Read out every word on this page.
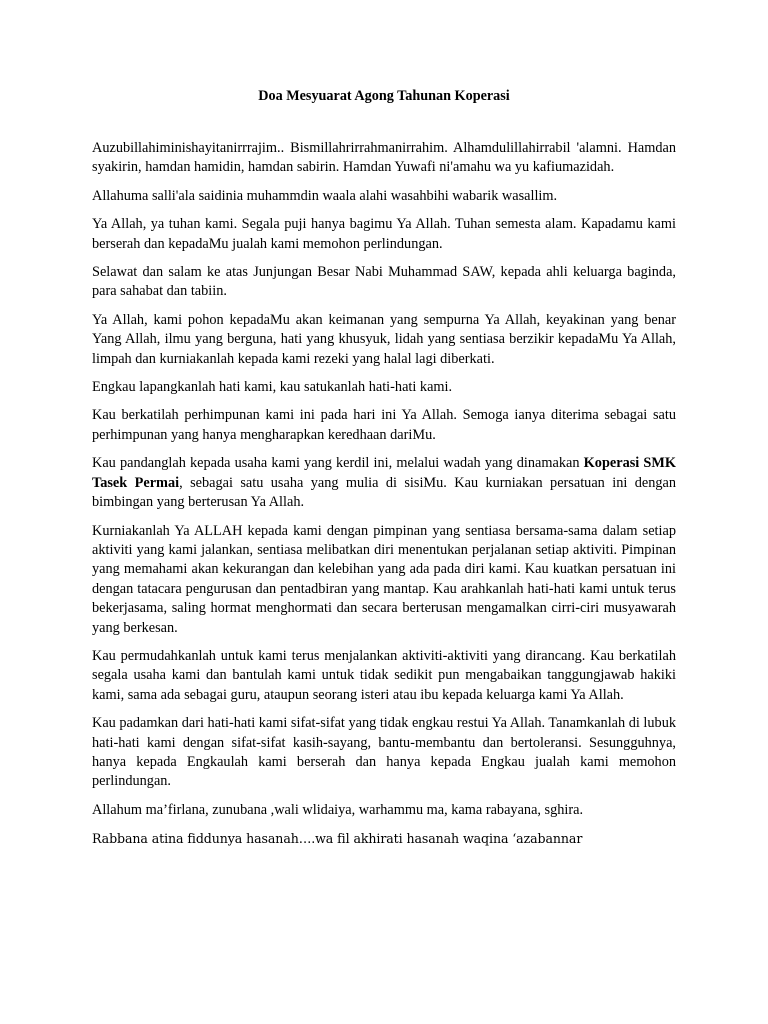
Doa Mesyuarat Agong Tahunan Koperasi

Auzubillahiminishayitanirrrajim.. Bismillahrirrahmanirrahim. Alhamdulillahirrabil 'alamni. Hamdan syakirin, hamdan hamidin, hamdan sabirin. Hamdan Yuwafi ni'amahu wa yu kafiumazidah.

Allahuma salli'ala saidinia muhammdin waala alahi wasahbihi wabarik wasallim.

Ya Allah, ya tuhan kami. Segala puji hanya bagimu Ya Allah. Tuhan semesta alam. Kapadamu kami berserah dan kepadaMu jualah kami memohon perlindungan.

Selawat dan salam ke atas Junjungan Besar Nabi Muhammad SAW, kepada ahli keluarga baginda, para sahabat dan tabiin.

Ya Allah, kami pohon kepadaMu akan keimanan yang sempurna Ya Allah, keyakinan yang benar Yang Allah, ilmu yang berguna, hati yang khusyuk, lidah yang sentiasa berzikir kepadaMu Ya Allah, limpah dan kurniakanlah kepada kami rezeki yang halal lagi diberkati.

Engkau lapangkanlah hati kami, kau satukanlah hati-hati kami.

Kau berkatilah perhimpunan kami ini pada hari ini Ya Allah. Semoga ianya diterima sebagai satu perhimpunan yang hanya mengharapkan keredhaan dariMu.

Kau pandanglah kepada usaha kami yang kerdil ini, melalui wadah yang dinamakan Koperasi SMK Tasek Permai, sebagai satu usaha yang mulia di sisiMu. Kau kurniakan persatuan ini dengan bimbingan yang berterusan Ya Allah.

Kurniakanlah Ya ALLAH kepada kami dengan pimpinan yang sentiasa bersama-sama dalam setiap aktiviti yang kami jalankan, sentiasa melibatkan diri menentukan perjalanan setiap aktiviti. Pimpinan yang memahami akan kekurangan dan kelebihan yang ada pada diri kami. Kau kuatkan persatuan ini dengan tatacara pengurusan dan pentadbiran yang mantap. Kau arahkanlah hati-hati kami untuk terus bekerjasama, saling hormat menghormati dan secara berterusan mengamalkan cirri-ciri musyawarah yang berkesan.

Kau permudahkanlah untuk kami terus menjalankan aktiviti-aktiviti yang dirancang. Kau berkatilah segala usaha kami dan bantulah kami untuk tidak sedikit pun mengabaikan tanggungjawab hakiki kami, sama ada sebagai guru, ataupun seorang isteri atau ibu kepada keluarga kami Ya Allah.

Kau padamkan dari hati-hati kami sifat-sifat yang tidak engkau restui Ya Allah. Tanamkanlah di lubuk hati-hati kami dengan sifat-sifat kasih-sayang, bantu-membantu dan bertoleransi. Sesungguhnya, hanya kepada Engkaulah kami berserah dan hanya kepada Engkau jualah kami memohon perlindungan.

Allahum ma’firlana, zunubana ,wali wlidaiya, warhammu ma, kama rabayana, sghira.

Rabbana atina fiddunya hasanah….wa fil akhirati hasanah waqina ‘azabannar
